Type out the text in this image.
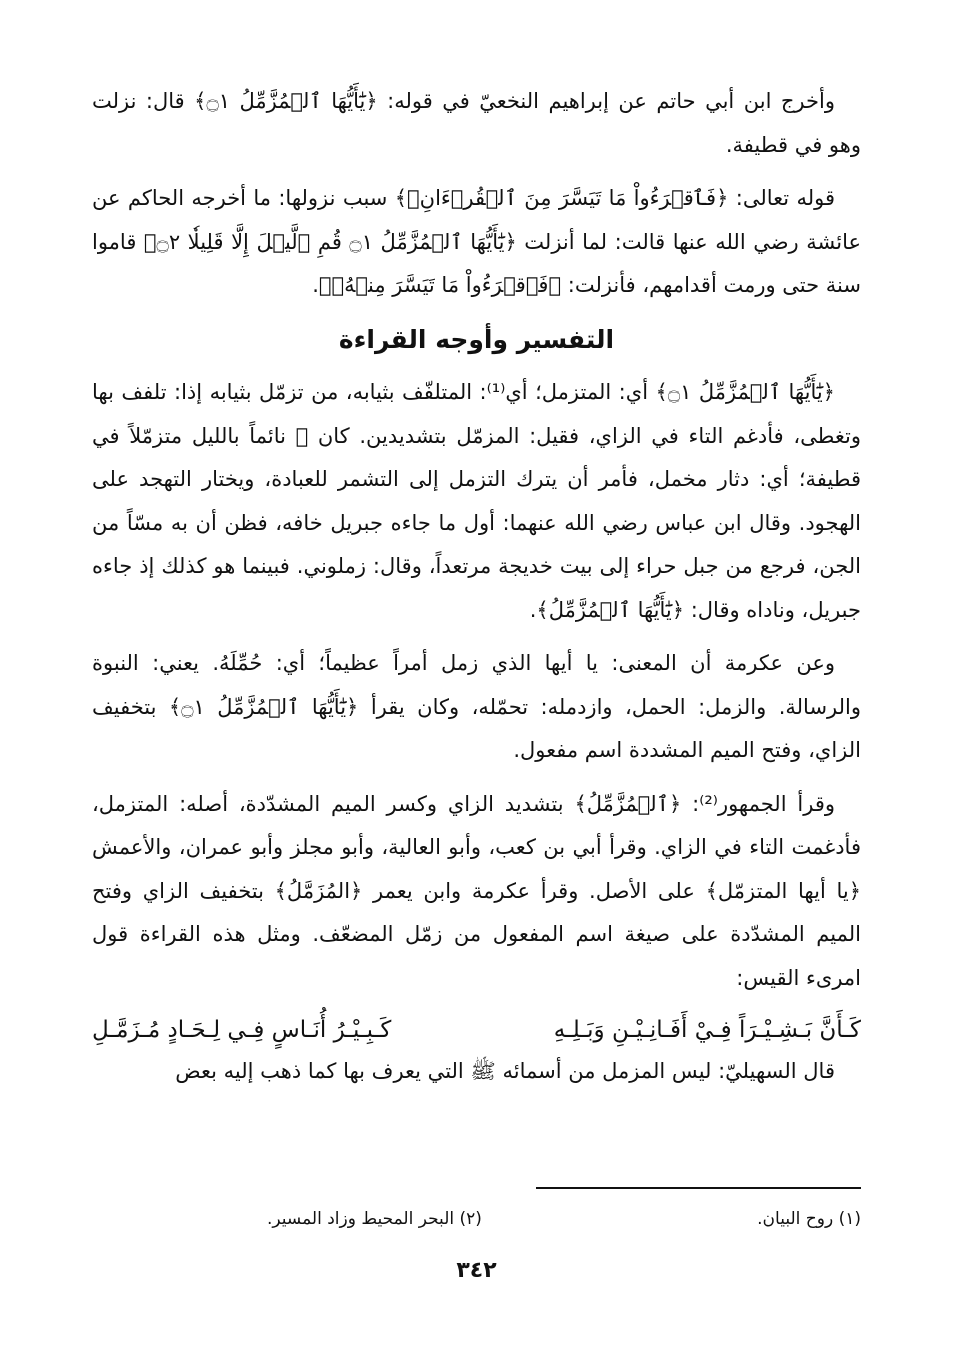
وأخرج ابن أبي حاتم عن إبراهيم النخعيّ في قوله: ﴿يَٰٓأَيُّهَا ٱلۡمُزَّمِّلُ ۝١﴾ قال: نزلت وهو في قطيفة.

قوله تعالى: ﴿فَٱقۡرَءُواْ مَا تَيَسَّرَ مِنَ ٱلۡقُرۡءَانِۚ﴾ سبب نزولها: ما أخرجه الحاكم عن عائشة رضي الله عنها قالت: لما أنزلت ﴿يَٰٓأَيُّهَا ٱلۡمُزَّمِّلُ ۝١ قُمِ ٱلَّيۡلَ إِلَّا قَلِيلٗا ۝٢﴾ قاموا سنة حتى ورمت أقدامهم، فأنزلت: ﴿فَٱقۡرَءُواْ مَا تَيَسَّرَ مِنۡهُۚ﴾.

التفسير وأوجه القراءة

﴿يَٰٓأَيُّهَا ٱلۡمُزَّمِّلُ ۝١﴾ أي: المتزمل؛ أي⁽¹⁾: المتلفّف بثيابه، من تزمّل بثيابه إذا: تلفف بها وتغطى، فأدغم التاء في الزاي، فقيل: المزمّل بتشديدين. كان ﷺ نائماً بالليل متزمّلاً في قطيفة؛ أي: دثار مخمل، فأمر أن يترك التزمل إلى التشمر للعبادة، ويختار التهجد على الهجود. وقال ابن عباس رضي الله عنهما: أول ما جاءه جبريل خافه، فظن أن به مسّاً من الجن، فرجع من جبل حراء إلى بيت خديجة مرتعداً، وقال: زملوني. فبينما هو كذلك إذ جاءه جبريل، وناداه وقال: ﴿يَٰٓأَيُّهَا ٱلۡمُزَّمِّلُ﴾.

وعن عكرمة أن المعنى: يا أيها الذي زمل أمراً عظيماً؛ أي: حُمِّلَهُ. يعني: النبوة والرسالة. والزمل: الحمل، وازدمله: تحمّله، وكان يقرأ ﴿يَٰٓأَيُّهَا ٱلۡمُزَّمِّلُ ۝١﴾ بتخفيف الزاي، وفتح الميم المشددة اسم مفعول.

وقرأ الجمهور⁽²⁾: ﴿ٱلۡمُزَّمِّلُ﴾ بتشديد الزاي وكسر الميم المشدّدة، أصله: المتزمل، فأدغمت التاء في الزاي. وقرأ أبي بن كعب، وأبو العالية، وأبو مجلز وأبو عمران، والأعمش ﴿يا أيها المتزمّل﴾ على الأصل. وقرأ عكرمة وابن يعمر ﴿المُزَمَّلُ﴾ بتخفيف الزاي وفتح الميم المشدّدة على صيغة اسم المفعول من زمّل المضعّف. ومثل هذه القراءة قول امرىء القيس:

كَـأَنَّ بَـشِـيْـرَاً فِـيْ أَفَـانِـيْـنِ وَبَـلِـهِ
كَـبِـيْـرُ أُنَـاسٍ فِـي لِـحَـادٍ مُـزَمَّـلِ

قال السهيليّ: ليس المزمل من أسمائه ﷺ التي يعرف بها كما ذهب إليه بعض

(١) روح البيان.
(٢) البحر المحيط وزاد المسير.
٣٤٢
